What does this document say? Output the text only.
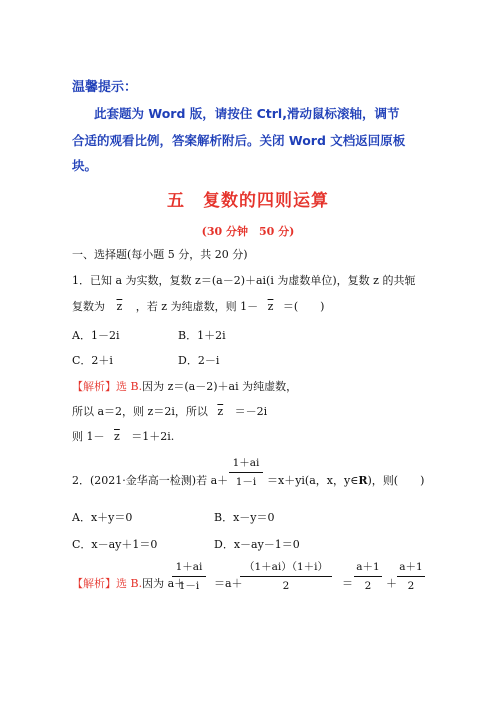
温馨提示：
此套题为 Word 版，请按住 Ctrl,滑动鼠标滚轴，调节
合适的观看比例，答案解析附后。关闭 Word 文档返回原板
块。
五　复数的四则运算
(30 分钟　50 分)
一、选择题(每小题 5 分，共 20 分)
1．已知 a 为实数，复数 z＝(a－2)＋ai(i 为虚数单位)，复数 z 的共轭
复数为 $\overline{z}$ ，若 z 为纯虚数，则 $1- \overline{z}$ ＝(　　)
A．1－2i	B．1＋2i
C．2＋i	D．2－i
【解析】选 B.因为 z＝(a－2)＋ai 为纯虚数，
所以 a＝2，则 z＝2i，所以 $\overline{z} =-2i$
则 $1- \overline{z} =1+2i$.
2．(2021·金华高一检测)若 a＋
1＋ai
1－i ＝x＋yi(a，x，y∈R)，则(　　)
A．x＋y＝0	B．x－y＝0
C．x－ay＋1＝0	D．x－ay－1＝0
【解析】选 B.因为 a＋
1＋ai
1－i	＝a＋
（1＋ai）（1＋i）
2	＝
a＋1
2	＋
a＋1
2
